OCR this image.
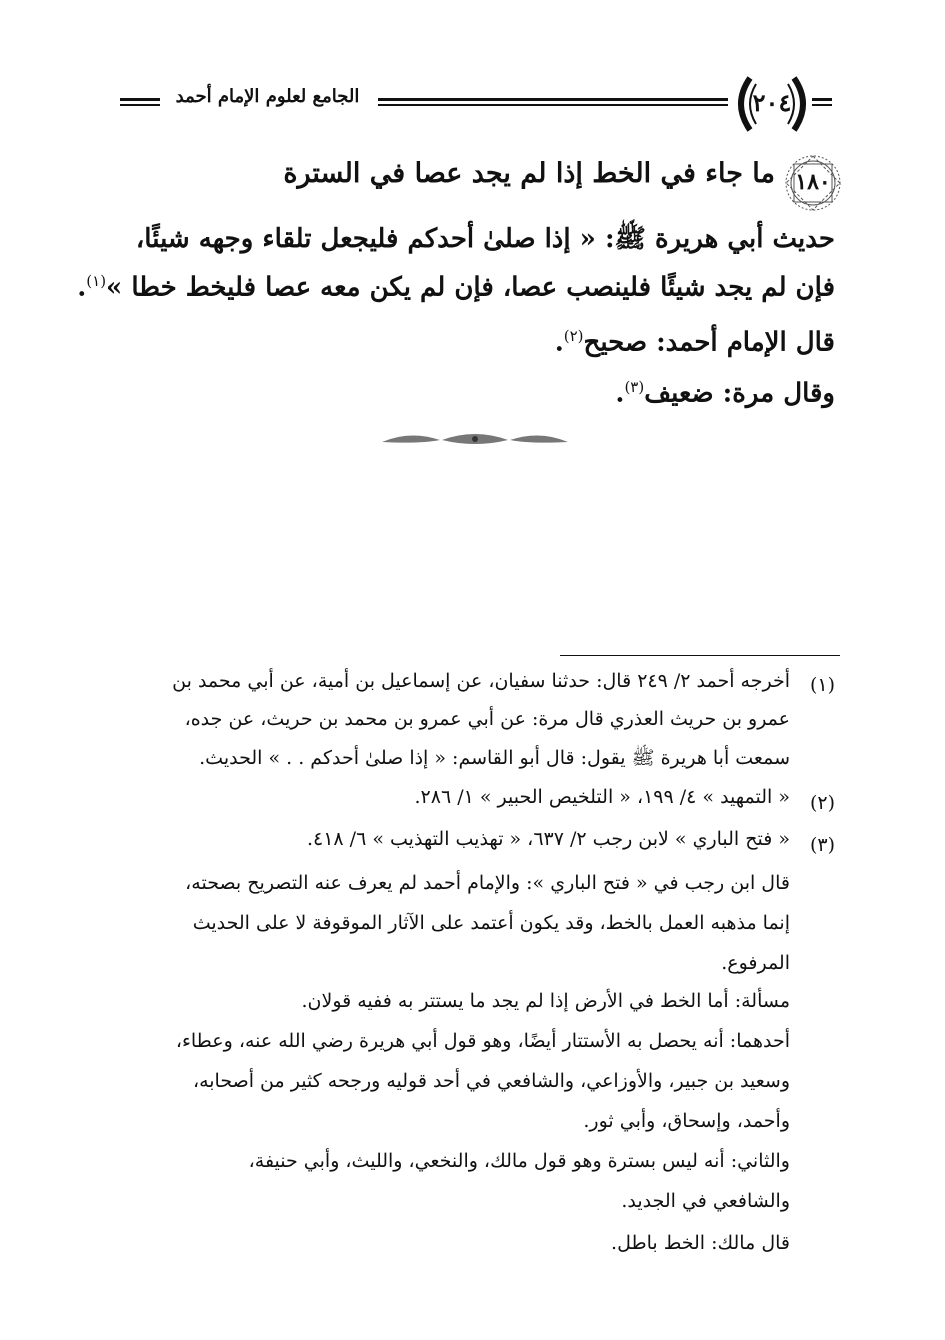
الجامع لعلوم الإمام أحمد	٢٠٤
١٨٠
ما جاء في الخط إذا لم يجد عصا في السترة
حديث أبي هريرة ﷺ: « إذا صلىٰ أحدكم فليجعل تلقاء وجهه شيئًا،
فإن لم يجد شيئًا فلينصب عصا، فإن لم يكن معه عصا فليخط خطا »$^{(١)}$.
قال الإمام أحمد: صحيح$^{(٢)}$.
وقال مرة: ضعيف$^{(٣)}$.
(١)
أخرجه أحمد ٢/ ٢٤٩ قال: حدثنا سفيان، عن إسماعيل بن أمية، عن أبي محمد بن
عمرو بن حريث العذري قال مرة: عن أبي عمرو بن محمد بن حريث، عن جده،
سمعت أبا هريرة ﷺ يقول: قال أبو القاسم: « إذا صلىٰ أحدكم . . » الحديث.
(٢)
« التمهيد » ٤/ ١٩٩، « التلخيص الحبير » ١/ ٢٨٦.
(٣)
« فتح الباري » لابن رجب ٢/ ٦٣٧، « تهذيب التهذيب » ٦/ ٤١٨.
قال ابن رجب في « فتح الباري »: والإمام أحمد لم يعرف عنه التصريح بصحته،
إنما مذهبه العمل بالخط، وقد يكون أعتمد على الآثار الموقوفة لا على الحديث
المرفوع.
مسألة: أما الخط في الأرض إذا لم يجد ما يستتر به ففيه قولان.
أحدهما: أنه يحصل به الأستتار أيضًا، وهو قول أبي هريرة رضي الله عنه، وعطاء،
وسعيد بن جبير، والأوزاعي، والشافعي في أحد قوليه ورجحه كثير من أصحابه،
وأحمد، وإسحاق، وأبي ثور.
والثاني: أنه ليس بسترة وهو قول مالك، والنخعي، والليث، وأبي حنيفة،
والشافعي في الجديد.
قال مالك: الخط باطل.
